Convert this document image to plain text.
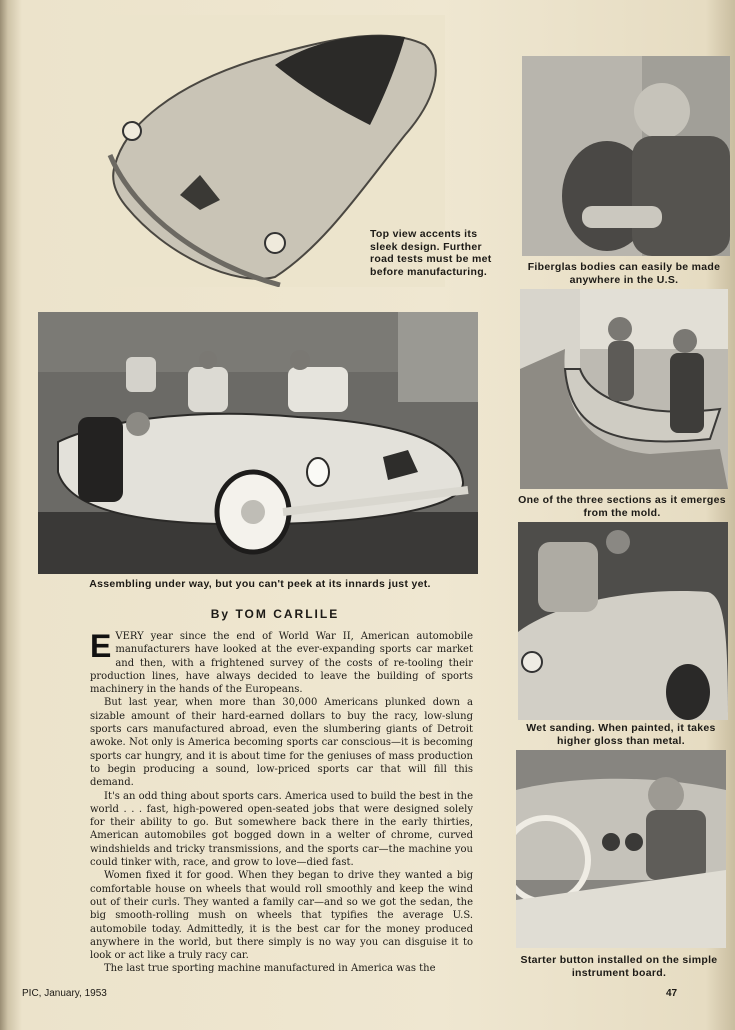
Top view accents its sleek design. Further road tests must be met before manufacturing.
Assembling under way, but you can't peek at its innards just yet.
Fiberglas bodies can easily be made anywhere in the U.S.
One of the three sections as it emerges from the mold.
Wet sanding. When painted, it takes higher gloss than metal.
Starter button installed on the simple instrument board.
By TOM CARLILE

EVERY year since the end of World War II, American automobile manufacturers have looked at the ever-expanding sports car market and then, with a frightened survey of the costs of re-tooling their production lines, have always decided to leave the building of sports machinery in the hands of the Europeans.

But last year, when more than 30,000 Americans plunked down a sizable amount of their hard-earned dollars to buy the racy, low-slung sports cars manufactured abroad, even the slumbering giants of Detroit awoke. Not only is America becoming sports car conscious—it is becoming sports car hungry, and it is about time for the geniuses of mass production to begin producing a sound, low-priced sports car that will fill this demand.

It's an odd thing about sports cars. America used to build the best in the world . . . fast, high-powered open-seated jobs that were designed solely for their ability to go. But somewhere back there in the early thirties, American automobiles got bogged down in a welter of chrome, curved windshields and tricky transmissions, and the sports car—the machine you could tinker with, race, and grow to love—died fast.

Women fixed it for good. When they began to drive they wanted a big comfortable house on wheels that would roll smoothly and keep the wind out of their curls. They wanted a family car—and so we got the sedan, the big smooth-rolling mush on wheels that typifies the average U.S. automobile today. Admittedly, it is the best car for the money produced anywhere in the world, but there simply is no way you can disguise it to look or act like a truly racy car.

The last true sporting machine manufactured in America was the

PIC, January, 1953	47
